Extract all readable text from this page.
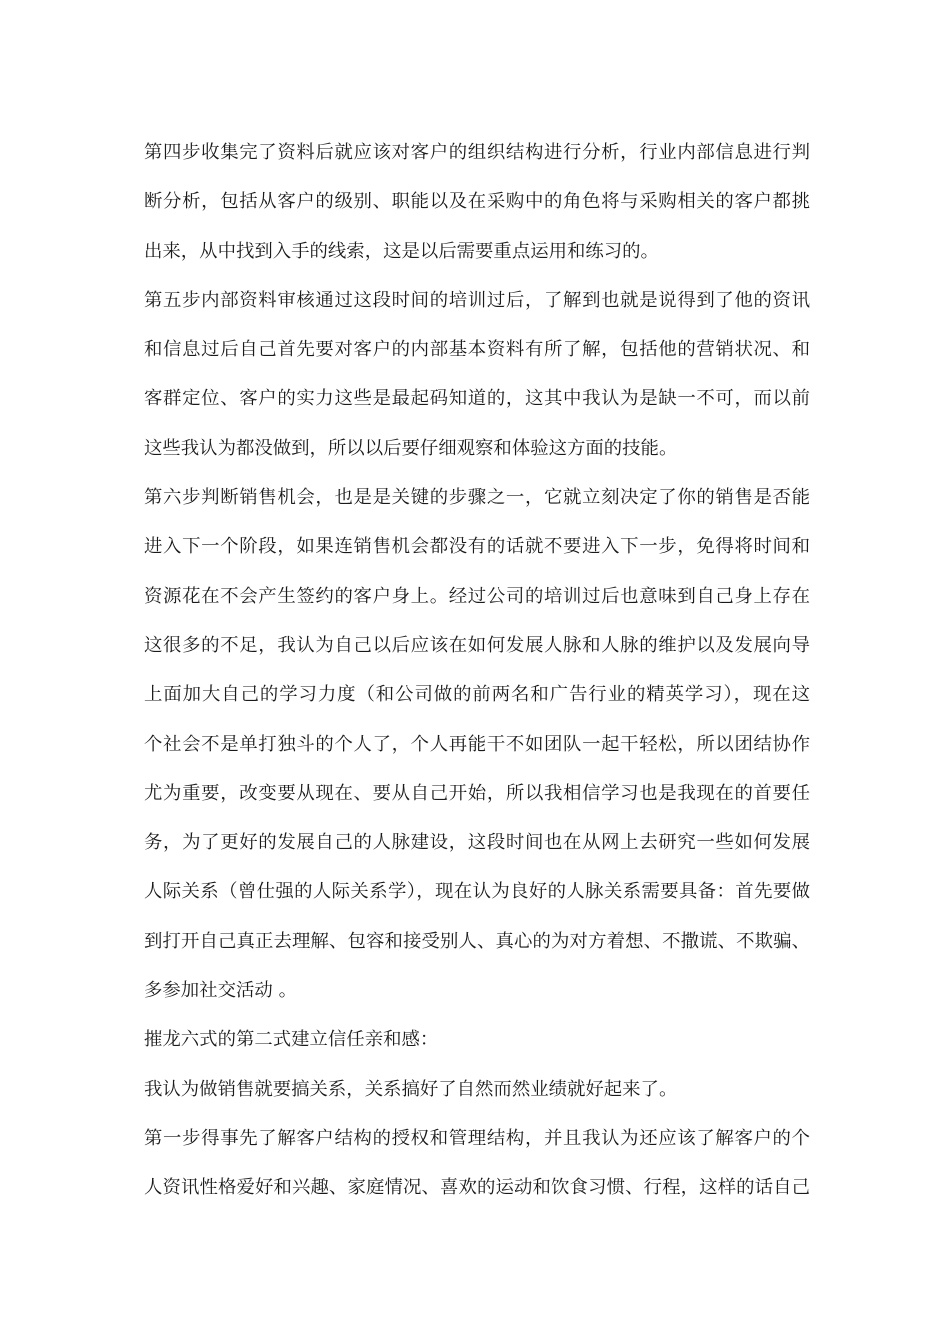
第四步收集完了资料后就应该对客户的组织结构进行分析，行业内部信息进行判
断分析，包括从客户的级别、职能以及在采购中的角色将与采购相关的客户都挑
出来，从中找到入手的线索，这是以后需要重点运用和练习的。
第五步内部资料审核通过这段时间的培训过后，了解到也就是说得到了他的资讯
和信息过后自己首先要对客户的内部基本资料有所了解，包括他的营销状况、和
客群定位、客户的实力这些是最起码知道的，这其中我认为是缺一不可，而以前
这些我认为都没做到，所以以后要仔细观察和体验这方面的技能。
第六步判断销售机会，也是是关键的步骤之一，它就立刻决定了你的销售是否能
进入下一个阶段，如果连销售机会都没有的话就不要进入下一步，免得将时间和
资源花在不会产生签约的客户身上。经过公司的培训过后也意味到自己身上存在
这很多的不足，我认为自己以后应该在如何发展人脉和人脉的维护以及发展向导
上面加大自己的学习力度（和公司做的前两名和广告行业的精英学习），现在这
个社会不是单打独斗的个人了，个人再能干不如团队一起干轻松，所以团结协作
尤为重要，改变要从现在、要从自己开始，所以我相信学习也是我现在的首要任
务，为了更好的发展自己的人脉建设，这段时间也在从网上去研究一些如何发展
人际关系（曾仕强的人际关系学），现在认为良好的人脉关系需要具备：首先要做
到打开自己真正去理解、包容和接受别人、真心的为对方着想、不撒谎、不欺骗、
多参加社交活动 。
摧龙六式的第二式建立信任亲和感：
我认为做销售就要搞关系，关系搞好了自然而然业绩就好起来了。
第一步得事先了解客户结构的授权和管理结构，并且我认为还应该了解客户的个
人资讯性格爱好和兴趣、家庭情况、喜欢的运动和饮食习惯、行程，这样的话自己
